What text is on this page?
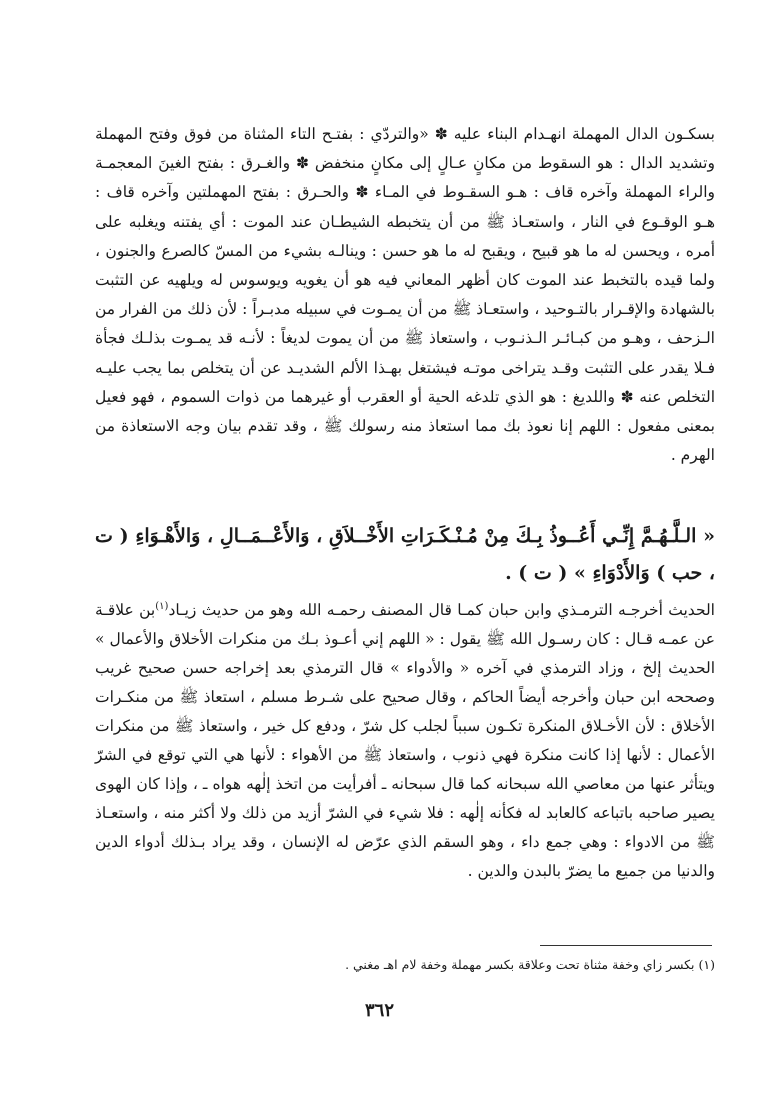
بسكـون الدال المهملة انهـدام البناء عليه ✽ «والتردّي : بفتـح التاء المثناة من فوق وفتح المهملة وتشديد الدال : هو السقوط من مكانٍ عـالٍ إلى مكانٍ منخفض ✽ والغـرق : بفتح الغينَ المعجمـة والراء المهملة وآخره قاف : هـو السقـوط في المـاء ✽ والحـرق : بفتح المهملتين وآخره قاف : هـو الوقـوع في النار ، واستعـاذ ﷺ من أن يتخبطه الشيطـان عند الموت : أي يفتنه ويغلبه على أمره ، ويحسن له ما هو قبيح ، ويقبح له ما هو حسن : وينالـه بشيء من المسّ كالصرع والجنون ، ولما قيده بالتخبط عند الموت كان أظهر المعاني فيه هو أن يغويه ويوسوس له ويلهيه عن التثبت بالشهادة والإقـرار بالتـوحيد ، واستعـاذ ﷺ من أن يمـوت في سبيله مدبـراً : لأن ذلك من الفرار من الـزحف ، وهـو من كبـائـر الـذنـوب ، واستعاذ ﷺ من أن يموت لديغاً : لأنـه قد يمـوت بذلـك فجأة فـلا يقدر على التثبت وقـد يتراخى موتـه فيشتغل بهـذا الألم الشديـد عن أن يتخلص بما يجب عليـه التخلص عنه ✽ واللديغ : هو الذي تلدغه الحية أو العقرب أو غيرهما من ذوات السموم ، فهو فعيل بمعنى مفعول : اللهم إنا نعوذ بك مما استعاذ منه رسولك ﷺ ، وقد تقدم بيان وجه الاستعاذة من الهرم .

« الـلَّـهُـمَّ إِنِّـي أَعُــوذُ بِـكَ مِنْ مُـنْـكَـرَاتِ الأَخْــلاَقِ ، وَالأَعْــمَــالِ ، وَالأَهْـوَاءِ ( ت ، حب ) وَالأَدْوَاءِ » ( ت ) .

الحديث أخرجـه الترمـذي وابن حبان كمـا قال المصنف رحمـه الله وهو من حديث زيـاد$^{(١)}$بن علاقـة عن عمـه قـال : كان رسـول الله ﷺ يقول : « اللهم إني أعـوذ بـك من منكرات الأخلاق والأعمال » الحديث إلخ ، وزاد الترمذي في آخره « والأدواء » قال الترمذي بعد إخراجه حسن صحيح غريب وصححه ابن حبان وأخرجه أيضاً الحاكم ، وقال صحيح على شـرط مسلم ، استعاذ ﷺ من منكـرات الأخلاق : لأن الأخـلاق المنكرة تكـون سبباً لجلب كل شرّ ، ودفع كل خير ، واستعاذ ﷺ من منكرات الأعمال : لأنها إذا كانت منكرة فهي ذنوب ، واستعاذ ﷺ من الأهواء : لأنها هي التي توقع في الشرّ ويتأثر عنها من معاصي الله سبحانه كما قال سبحانه ـ أفرأيت من اتخذ إلٰهه هواه ـ ، وإذا كان الهوى يصير صاحبه باتباعه كالعابد له فكأنه إلٰهه : فلا شيء في الشرّ أزيد من ذلك ولا أكثر منه ، واستعـاذ ﷺ من الادواء : وهي جمع داء ، وهو السقم الذي عرّض له الإنسان ، وقد يراد بـذلك أدواء الدين والدنيا من جميع ما يضرّ بالبدن والدين .

(١) بكسر زاي وخفة مثناة تحت وعلاقة بكسر مهملة وخفة لام اهـ مغني .

٣٦٢
